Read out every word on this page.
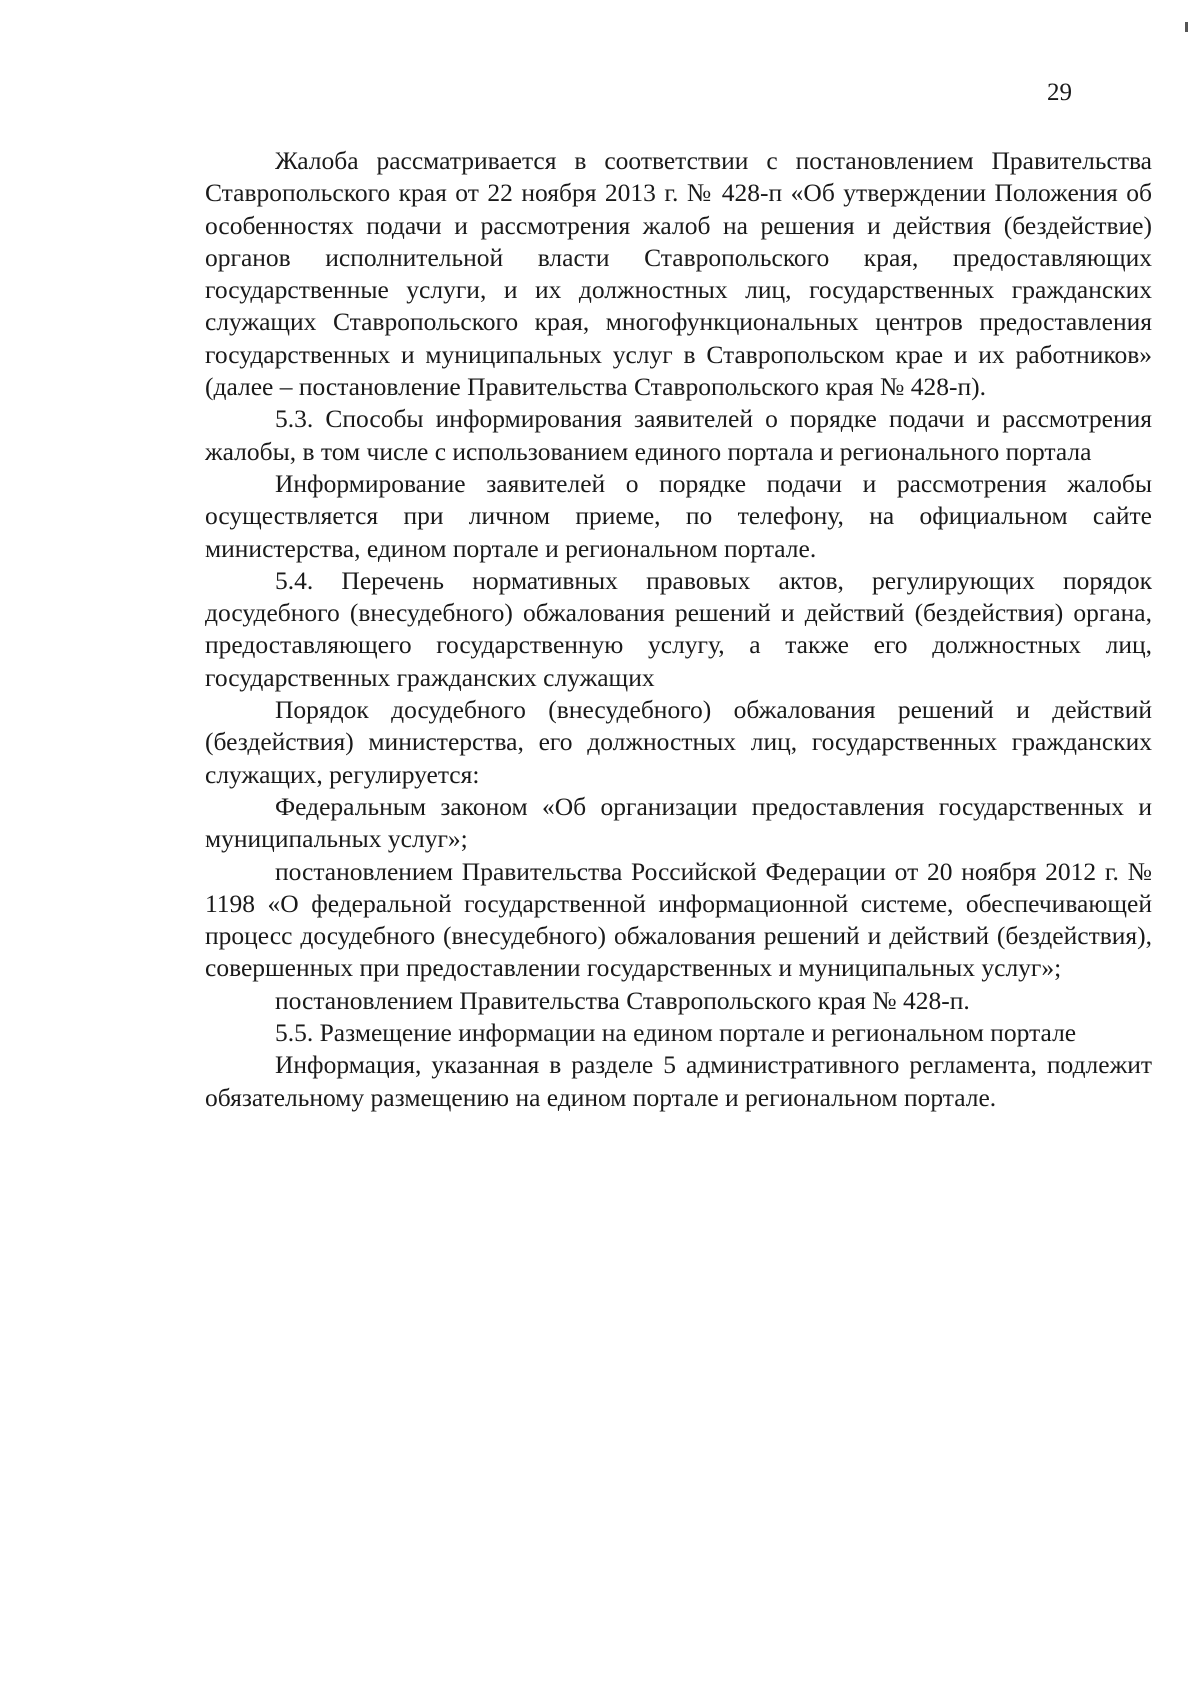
29

Жалоба рассматривается в соответствии с постановлением Правительства Ставропольского края от 22 ноября 2013 г. № 428-п «Об утверждении Положения об особенностях подачи и рассмотрения жалоб на решения и действия (бездействие) органов исполнительной власти Ставропольского края, предоставляющих государственные услуги, и их должностных лиц, государственных гражданских служащих Ставропольского края, многофункциональных центров предоставления государственных и муниципальных услуг в Ставропольском крае и их работников» (далее – постановление Правительства Ставропольского края № 428-п).

5.3. Способы информирования заявителей о порядке подачи и рассмотрения жалобы, в том числе с использованием единого портала и регионального портала

Информирование заявителей о порядке подачи и рассмотрения жалобы осуществляется при личном приеме, по телефону, на официальном сайте министерства, едином портале и региональном портале.

5.4. Перечень нормативных правовых актов, регулирующих порядок досудебного (внесудебного) обжалования решений и действий (бездействия) органа, предоставляющего государственную услугу, а также его должностных лиц, государственных гражданских служащих

Порядок досудебного (внесудебного) обжалования решений и действий (бездействия) министерства, его должностных лиц, государственных гражданских служащих, регулируется:

Федеральным законом «Об организации предоставления государственных и муниципальных услуг»;

постановлением Правительства Российской Федерации от 20 ноября 2012 г. № 1198 «О федеральной государственной информационной системе, обеспечивающей процесс досудебного (внесудебного) обжалования решений и действий (бездействия), совершенных при предоставлении государственных и муниципальных услуг»;

постановлением Правительства Ставропольского края № 428-п.

5.5. Размещение информации на едином портале и региональном портале

Информация, указанная в разделе 5 административного регламента, подлежит обязательному размещению на едином портале и региональном портале.
